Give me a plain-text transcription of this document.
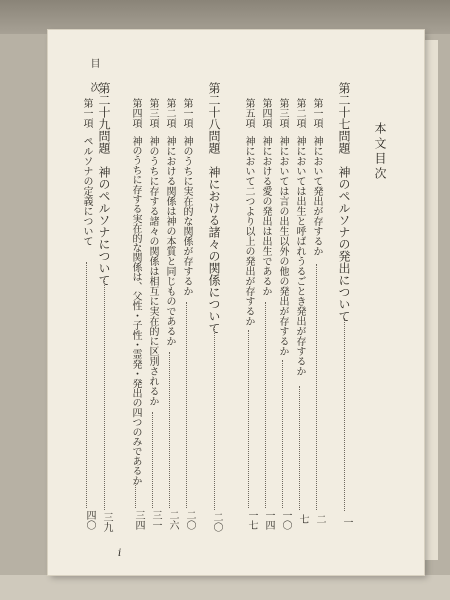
目次
本文目次
第二十七問題　神のペルソナの発出について
一
第一項
神において発出が存するか
二
第二項
神においては出生と呼ばれうるごとき発出が存するか
七
第三項
神においては言の出生以外の他の発出が存するか
一〇
第四項
神における愛の発出は出生であるか
一四
第五項
神において二つより以上の発出が存するか
一七
第二十八問題　神における諸々の関係について
二〇
第一項
神のうちに実在的な関係が存するか
二〇
第二項
神における関係は神の本質と同じものであるか
二六
第三項
神のうちに存する諸々の関係は相互に実在的に区別されるか
三一
第四項
神のうちに存する実在的な関係は、父性・子性・霊発・発出の四つのみであるか
三四
第二十九問題　神のペルソナについて
三九
第一項
ペルソナの定義について
四〇
i
